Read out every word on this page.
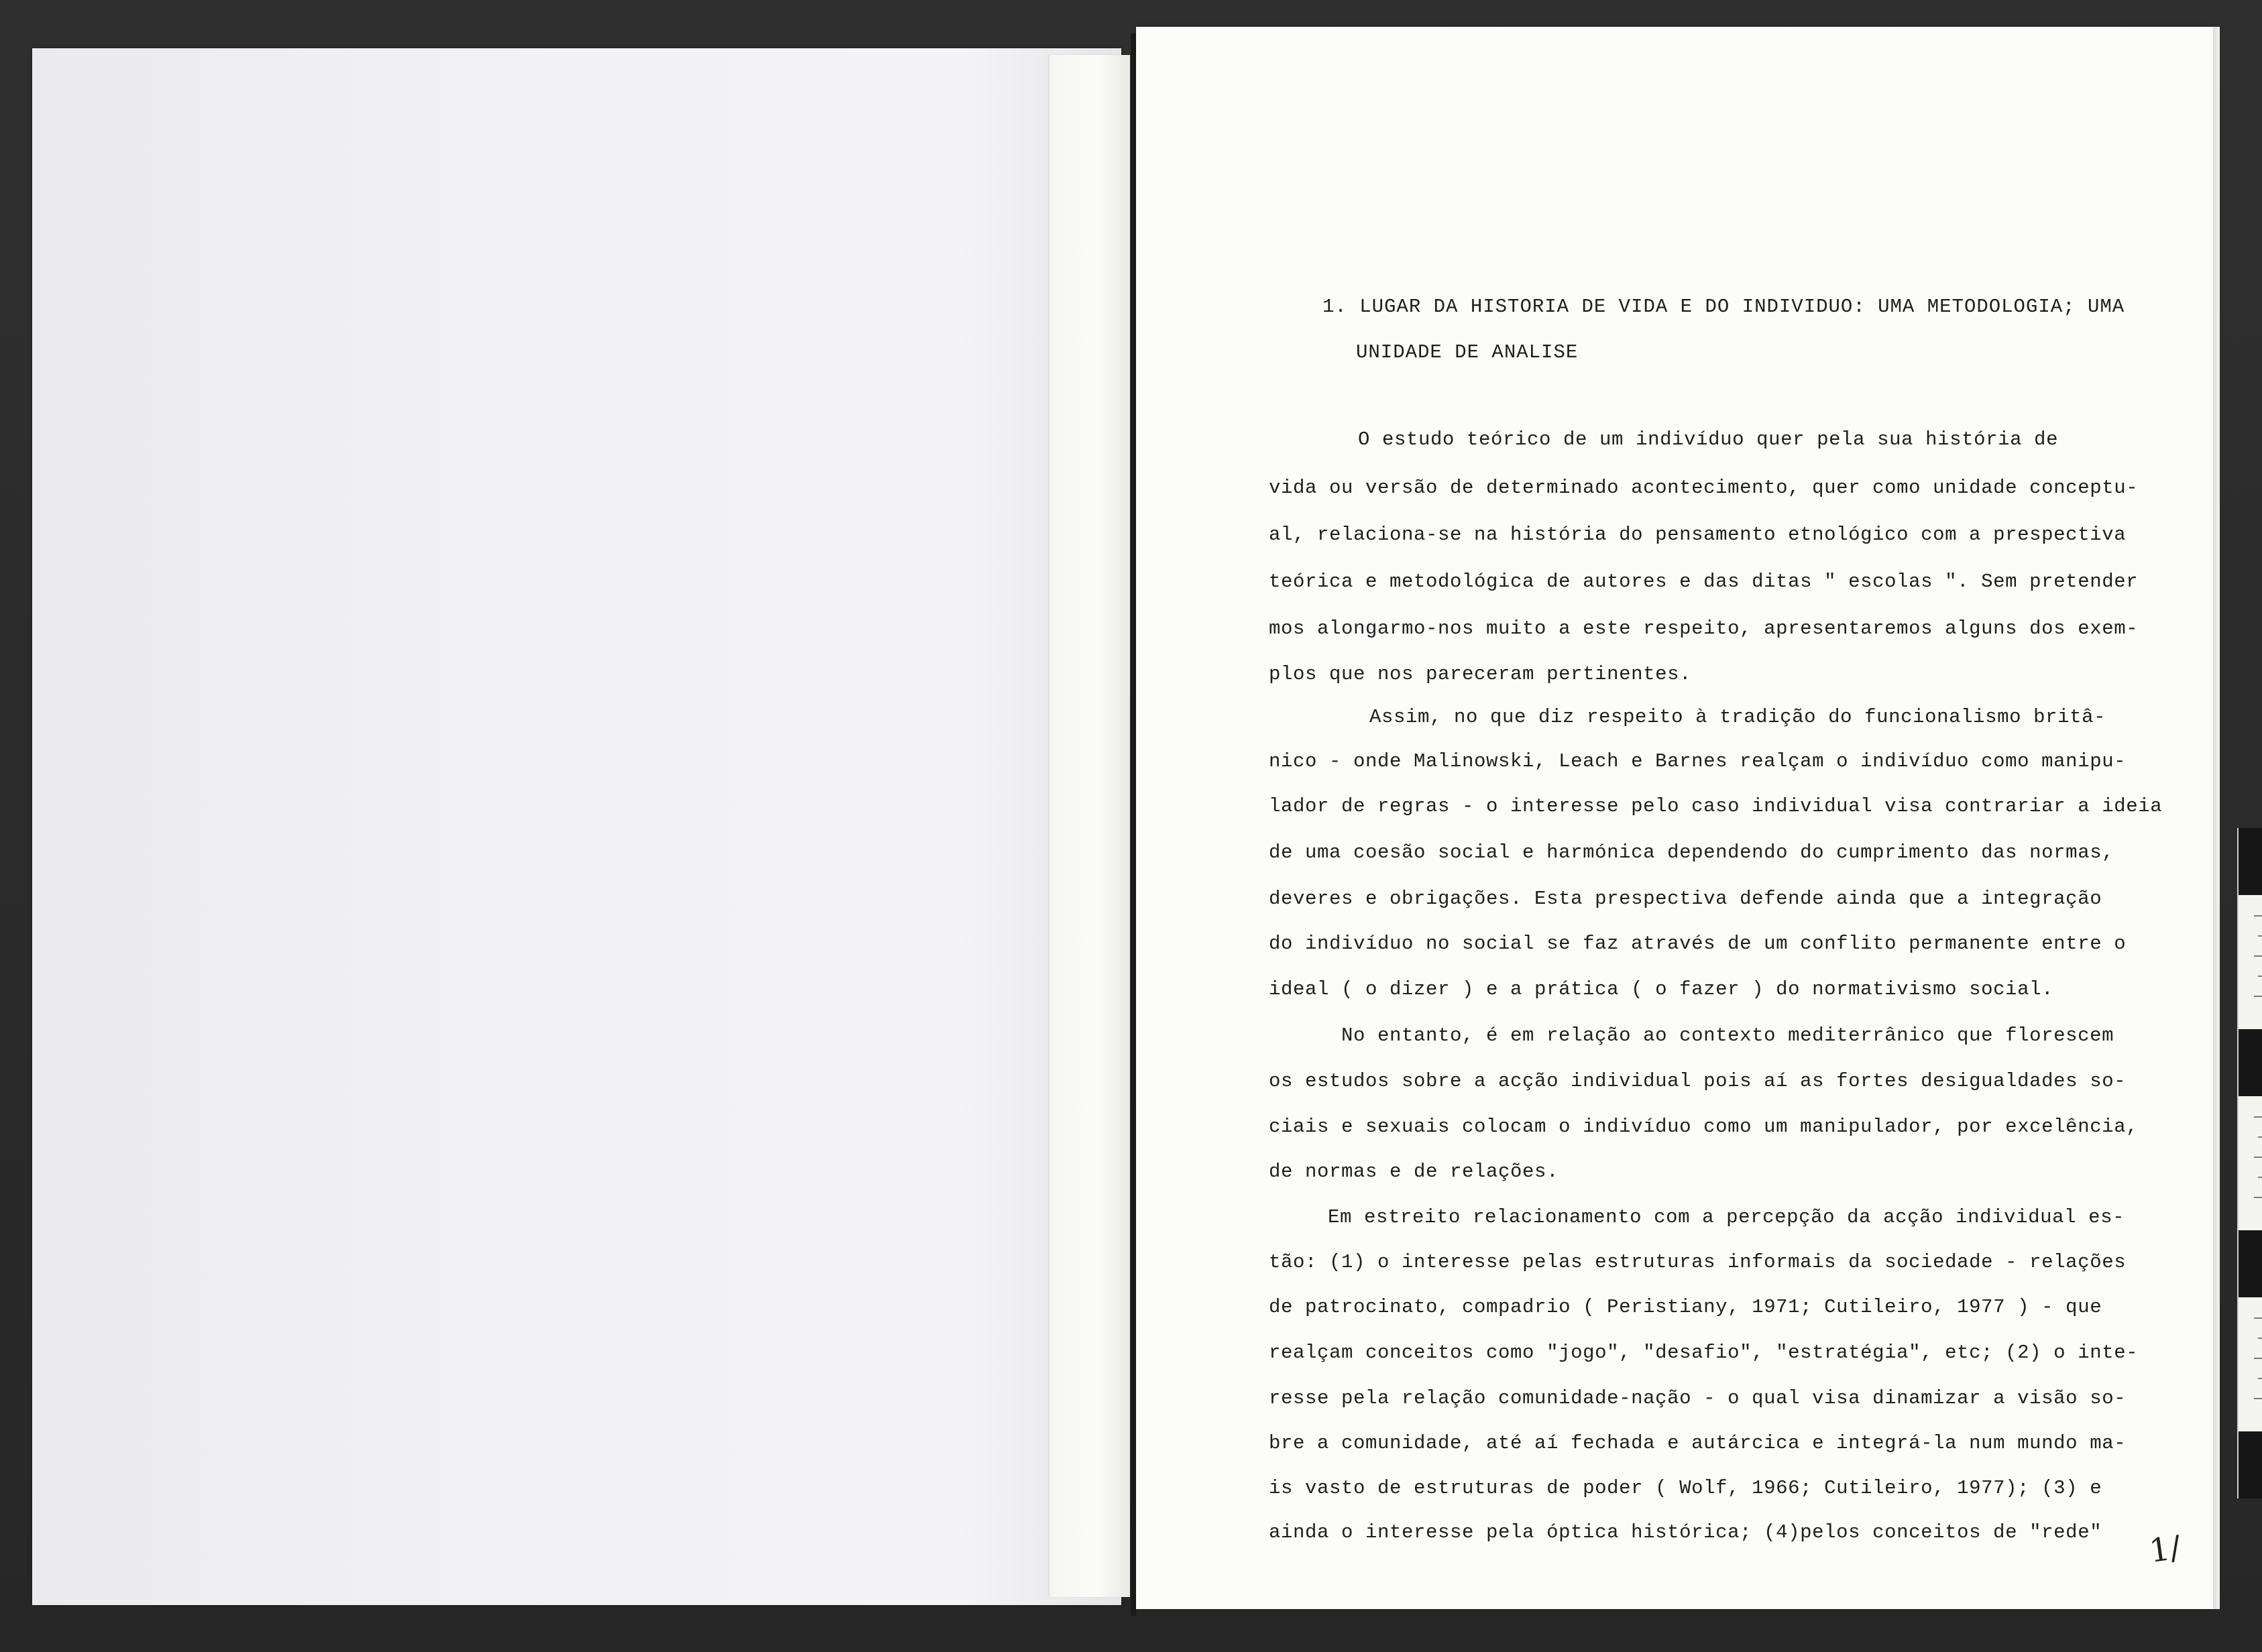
1. LUGAR DA HISTORIA DE VIDA E DO INDIVIDUO: UMA METODOLOGIA; UMA
UNIDADE DE ANALISE
O estudo teórico de um indivíduo quer pela sua história de
vida ou versão de determinado acontecimento, quer como unidade conceptu-
al, relaciona-se na história do pensamento etnológico com a prespectiva
teórica e metodológica de autores e das ditas " escolas ". Sem pretender
mos alongarmo-nos muito a este respeito, apresentaremos alguns dos exem-
plos que nos pareceram pertinentes.
Assim, no que diz respeito à tradição do funcionalismo britâ-
nico - onde Malinowski, Leach e Barnes realçam o indivíduo como manipu-
lador de regras - o interesse pelo caso individual visa contrariar a ideia
de uma coesão social e harmónica dependendo do cumprimento das normas,
deveres e obrigações. Esta prespectiva defende ainda que a integração
do indivíduo no social se faz através de um conflito permanente entre o
ideal ( o dizer ) e a prática ( o fazer ) do normativismo social.
No entanto, é em relação ao contexto mediterrânico que florescem
os estudos sobre a acção individual pois aí as fortes desigualdades so-
ciais e sexuais colocam o indivíduo como um manipulador, por excelência,
de normas e de relações.
Em estreito relacionamento com a percepção da acção individual es-
tão: (1) o interesse pelas estruturas informais da sociedade - relações
de patrocinato, compadrio ( Peristiany, 1971; Cutileiro, 1977 ) - que
realçam conceitos como "jogo", "desafio", "estratégia", etc; (2) o inte-
resse pela relação comunidade-nação - o qual visa dinamizar a visão so-
bre a comunidade, até aí fechada e autárcica e integrá-la num mundo ma-
is vasto de estruturas de poder ( Wolf, 1966; Cutileiro, 1977); (3) e
ainda o interesse pela óptica histórica; (4)pelos conceitos de "rede" 1/
